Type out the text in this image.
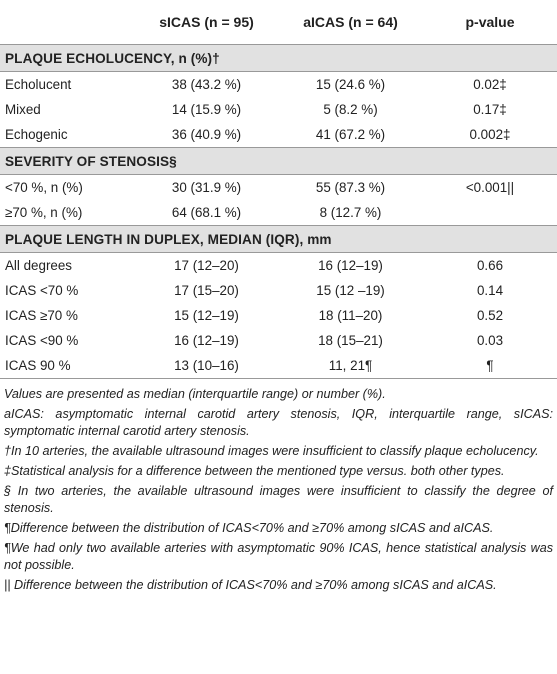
	sICAS (n = 95)	aICAS (n = 64)	p-value
PLAQUE ECHOLUCENCY, n (%)†			
Echolucent	38 (43.2 %)	15 (24.6 %)	0.02‡
Mixed	14 (15.9 %)	5 (8.2 %)	0.17‡
Echogenic	36 (40.9 %)	41 (67.2 %)	0.002‡
SEVERITY OF STENOSIS§			
<70 %, n (%)	30 (31.9 %)	55 (87.3 %)	<0.001||
≥70 %, n (%)	64 (68.1 %)	8 (12.7 %)	
PLAQUE LENGTH IN DUPLEX, MEDIAN (IQR), mm			
All degrees	17 (12–20)	16 (12–19)	0.66
ICAS <70 %	17 (15–20)	15 (12 –19)	0.14
ICAS ≥70 %	15 (12–19)	18 (11–20)	0.52
ICAS <90 %	16 (12–19)	18 (15–21)	0.03
ICAS 90 %	13 (10–16)	11, 21¶	¶

Values are presented as median (interquartile range) or number (%).

aICAS: asymptomatic internal carotid artery stenosis, IQR, interquartile range, sICAS: symptomatic internal carotid artery stenosis.

†In 10 arteries, the available ultrasound images were insufficient to classify plaque echolucency.

‡Statistical analysis for a difference between the mentioned type versus. both other types.

§ In two arteries, the available ultrasound images were insufficient to classify the degree of stenosis.

¶Difference between the distribution of ICAS<70% and ≥70% among sICAS and aICAS.

¶We had only two available arteries with asymptomatic 90% ICAS, hence statistical analysis was not possible.

|| Difference between the distribution of ICAS<70% and ≥70% among sICAS and aICAS.
